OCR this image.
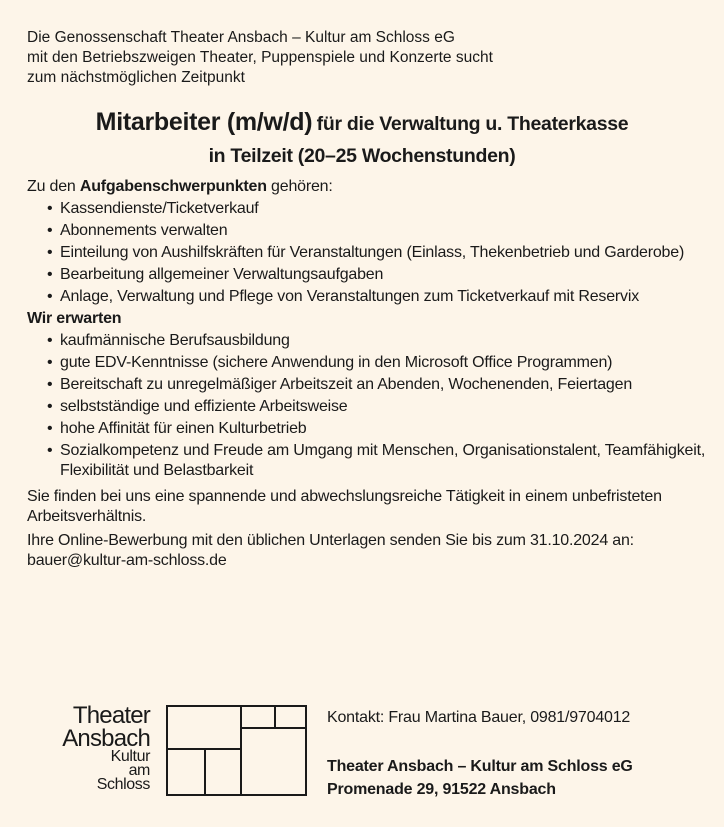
Die Genossenschaft Theater Ansbach – Kultur am Schloss eG
mit den Betriebszweigen Theater, Puppenspiele und Konzerte sucht
zum nächstmöglichen Zeitpunkt
Mitarbeiter (m/w/d) für die Verwaltung u. Theaterkasse
in Teilzeit (20–25 Wochenstunden)

Zu den Aufgabenschwerpunkten gehören:

• Kassendienste/Ticketverkauf
• Abonnements verwalten
• Einteilung von Aushilfskräften für Veranstaltungen (Einlass, Thekenbetrieb und Garderobe)
• Bearbeitung allgemeiner Verwaltungsaufgaben
• Anlage, Verwaltung und Pflege von Veranstaltungen zum Ticketverkauf mit Reservix

Wir erwarten

• kaufmännische Berufsausbildung
• gute EDV-Kenntnisse (sichere Anwendung in den Microsoft Office Programmen)
• Bereitschaft zu unregelmäßiger Arbeitszeit an Abenden, Wochenenden, Feiertagen
• selbstständige und effiziente Arbeitsweise
• hohe Affinität für einen Kulturbetrieb
• Sozialkompetenz und Freude am Umgang mit Menschen, Organisationstalent, Teamfähigkeit, Flexibilität und Belastbarkeit

Sie finden bei uns eine spannende und abwechslungsreiche Tätigkeit in einem unbefristeten Arbeitsverhältnis.

Ihre Online-Bewerbung mit den üblichen Unterlagen senden Sie bis zum 31.10.2024 an: bauer@kultur-am-schloss.de

Theater
Ansbach
Kultur
am
Schloss
Kontakt: Frau Martina Bauer, 0981/9704012
Theater Ansbach – Kultur am Schloss eG
Promenade 29, 91522 Ansbach
